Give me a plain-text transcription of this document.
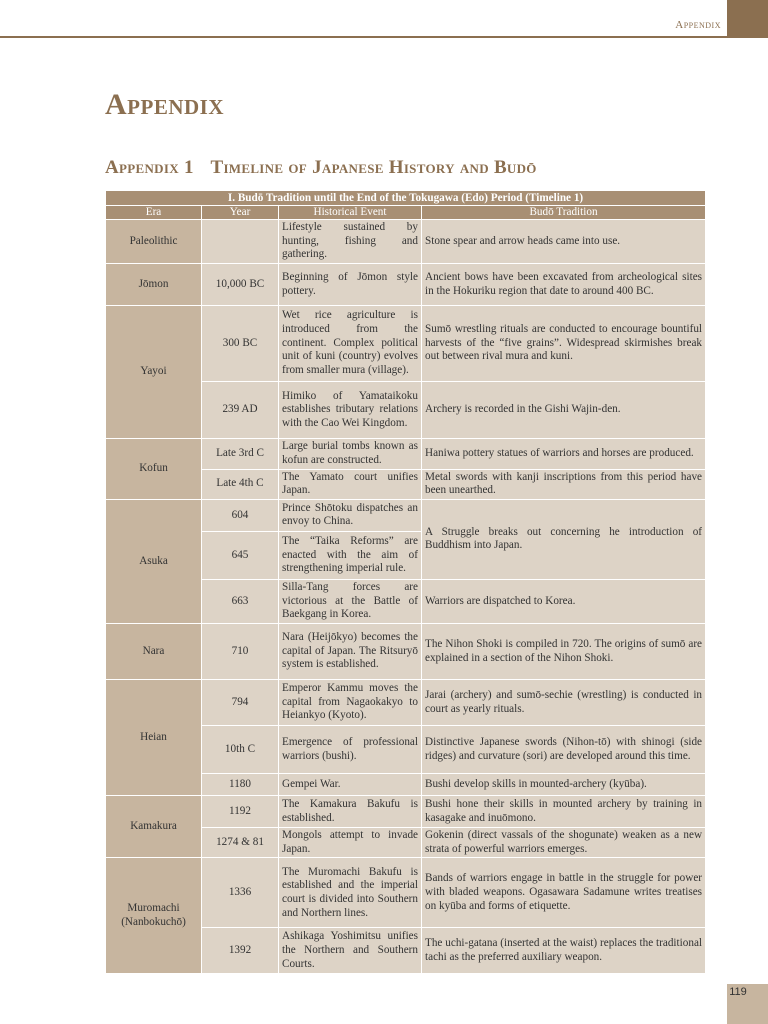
Appendix
Appendix
Appendix 1 Timeline of Japanese History and Budō
I. Budō Tradition until the End of the Tokugawa (Edo) Period (Timeline 1)			
Era	Year	Historical Event	Budō Tradition
Paleolithic		Lifestyle sustained by hunting, fishing and gathering.	Stone spear and arrow heads came into use.
Jōmon	10,000 BC	Beginning of Jōmon style pottery.	Ancient bows have been excavated from archeological sites in the Hokuriku region that date to around 400 BC.
Yayoi	300 BC	Wet rice agriculture is introduced from the continent. Complex political unit of kuni (country) evolves from smaller mura (village).	Sumō wrestling rituals are conducted to encourage bountiful harvests of the “five grains”. Widespread skirmishes break out between rival mura and kuni.
	239 AD	Himiko of Yamataikoku establishes tributary relations with the Cao Wei Kingdom.	Archery is recorded in the Gishi Wajin-den.
Kofun	Late 3rd C	Large burial tombs known as kofun are constructed.	Haniwa pottery statues of warriors and horses are produced.
	Late 4th C	The Yamato court unifies Japan.	Metal swords with kanji inscriptions from this period have been unearthed.
Asuka	604	Prince Shōtoku dispatches an envoy to China.	A Struggle breaks out concerning he introduction of Buddhism into Japan.
	645	The “Taika Reforms” are enacted with the aim of strengthening imperial rule.	
	663	Silla-Tang forces are victorious at the Battle of Baekgang in Korea.	Warriors are dispatched to Korea.
Nara	710	Nara (Heijōkyo) becomes the capital of Japan. The Ritsuryō system is established.	The Nihon Shoki is compiled in 720. The origins of sumō are explained in a section of the Nihon Shoki.
Heian	794	Emperor Kammu moves the capital from Nagaokakyo to Heiankyo (Kyoto).	Jarai (archery) and sumō-sechie (wrestling) is conducted in court as yearly rituals.
	10th C	Emergence of professional warriors (bushi).	Distinctive Japanese swords (Nihon-tō) with shinogi (side ridges) and curvature (sori) are developed around this time.
	1180	Gempei War.	Bushi develop skills in mounted-archery (kyūba).
Kamakura	1192	The Kamakura Bakufu is established.	Bushi hone their skills in mounted archery by training in kasagake and inuōmono.
	1274 & 81	Mongols attempt to invade Japan.	Gokenin (direct vassals of the shogunate) weaken as a new strata of powerful warriors emerges.
Muromachi (Nanbokuchō)	1336	The Muromachi Bakufu is established and the imperial court is divided into Southern and Northern lines.	Bands of warriors engage in battle in the struggle for power with bladed weapons. Ogasawara Sadamune writes treatises on kyūba and forms of etiquette.
	1392	Ashikaga Yoshimitsu unifies the Northern and Southern Courts.	The uchi-gatana (inserted at the waist) replaces the traditional tachi as the preferred auxiliary weapon.
119
